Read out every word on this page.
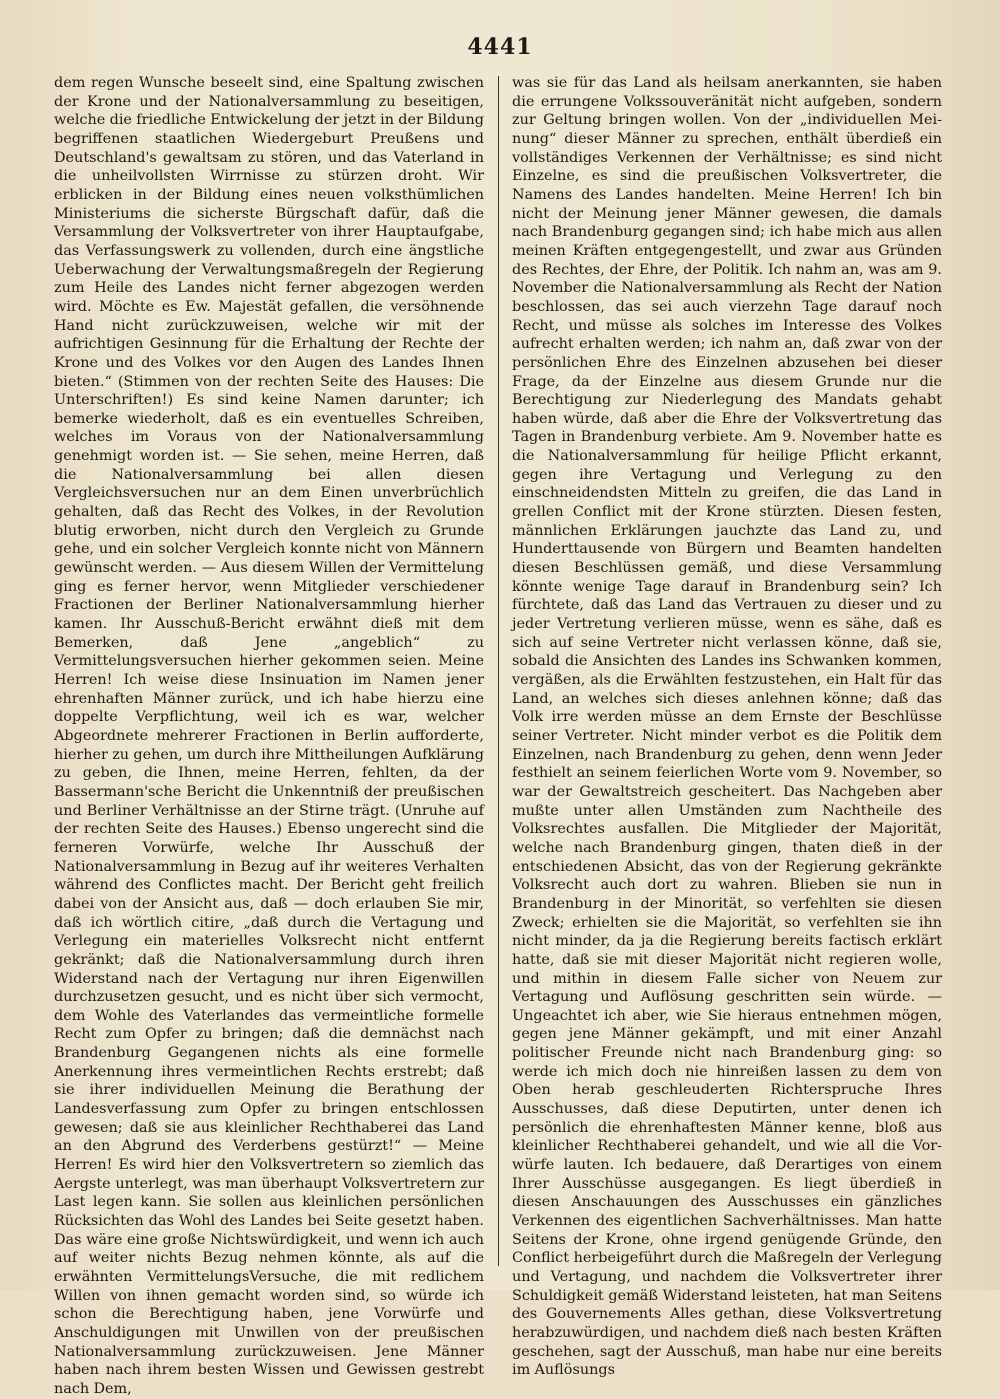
4441
dem regen Wunsche beseelt sind, eine Spaltung zwischen der Krone und der Nationalversammlung zu beseitigen, welche die friedliche Entwickelung der jetzt in der Bildung begriffenen staatlichen Wiedergeburt Preußens und Deutschland's gewaltsam zu stören, und das Vaterland in die unheilvollsten Wirrnisse zu stürzen droht. Wir erblicken in der Bildung eines neuen volksthümlichen Ministeriums die sicherste Bürgschaft dafür, daß die Versammlung der Volksvertreter von ihrer Hauptaufgabe, das Verfassungswerk zu vollenden, durch eine ängstliche Ueberwachung der Verwaltungsmaßregeln der Regierung zum Heile des Landes nicht ferner abgezogen werden wird. Möchte es Ew. Majestät gefallen, die versöhnende Hand nicht zurückzuweisen, welche wir mit der aufrichtigen Gesinnung für die Erhaltung der Rechte der Krone und des Volkes vor den Augen des Landes Ihnen bieten.“ (Stimmen von der rechten Seite des Hauses: Die Unterschriften!) Es sind keine Namen darunter; ich bemerke wiederholt, daß es ein eventuelles Schreiben, welches im Voraus von der Nationalversammlung genehmigt worden ist. — Sie sehen, meine Herren, daß die Nationalversammlung bei allen diesen Vergleichsversuchen nur an dem Einen unverbrüchlich gehalten, daß das Recht des Volkes, in der Revolution blutig erworben, nicht durch den Vergleich zu Grunde gehe, und ein solcher Vergleich konnte nicht von Männern gewünscht werden. — Aus diesem Willen der Vermittelung ging es ferner hervor, wenn Mitglieder verschiedener Fractionen der Berliner Nationalversammlung hierher kamen. Ihr Ausschuß-Bericht erwähnt dieß mit dem Bemerken, daß Jene „angeblich“ zu Vermittelungsversuchen hierher gekommen seien. Meine Herren! Ich weise diese Insinuation im Namen jener ehrenhaften Männer zurück, und ich habe hierzu eine doppelte Verpflichtung, weil ich es war, welcher Abgeordnete mehrerer Fractionen in Berlin aufforderte, hierher zu gehen, um durch ihre Mittheilungen Aufklärung zu geben, die Ihnen, meine Herren, fehlten, da der Bassermann'sche Bericht die Unkenntniß der preußischen und Berliner Verhältnisse an der Stirne trägt. (Unruhe auf der rechten Seite des Hauses.) Ebenso ungerecht sind die ferneren Vorwürfe, welche Ihr Ausschuß der Nationalversammlung in Bezug auf ihr weiteres Verhalten während des Conflictes macht. Der Bericht geht freilich dabei von der Ansicht aus, daß — doch erlauben Sie mir, daß ich wörtlich citire, „daß durch die Vertagung und Verlegung ein materielles Volksrecht nicht entfernt gekränkt; daß die Nationalversammlung durch ihren Widerstand nach der Vertagung nur ihren Eigenwillen durchzusetzen gesucht, und es nicht über sich vermocht, dem Wohle des Vaterlandes das vermeintliche formelle Recht zum Opfer zu bringen; daß die demnächst nach Brandenburg Gegangenen nichts als eine formelle Anerkennung ihres vermeintlichen Rechts erstrebt; daß sie ihrer individuellen Meinung die Berathung der Landesverfassung zum Opfer zu bringen entschlossen gewesen; daß sie aus kleinlicher Rechthaberei das Land an den Abgrund des Verderbens gestürzt!“ — Meine Herren! Es wird hier den Volksvertretern so ziemlich das Aergste unterlegt, was man überhaupt Volksvertretern zur Last legen kann. Sie sollen aus kleinlichen persönlichen Rücksichten das Wohl des Landes bei Seite gesetzt haben. Das wäre eine große Nichtswürdigkeit, und wenn ich auch auf weiter nichts Bezug nehmen könnte, als auf die erwähnten VermittelungsVersuche, die mit redlichem Willen von ihnen gemacht worden sind, so würde ich schon die Berechtigung haben, jene Vorwürfe und Anschuldigungen mit Unwillen von der preußischen Nationalversammlung zurückzuweisen. Jene Männer haben nach ihrem besten Wissen und Gewissen gestrebt nach Dem,
was sie für das Land als heilsam anerkannten, sie haben die errungene Volkssouveränität nicht aufgeben, sondern zur Geltung bringen wollen. Von der „individuellen Meinung“ dieser Männer zu sprechen, enthält überdieß ein vollständiges Verkennen der Verhältnisse; es sind nicht Einzelne, es sind die preußischen Volksvertreter, die Namens des Landes handelten. Meine Herren! Ich bin nicht der Meinung jener Männer gewesen, die damals nach Brandenburg gegangen sind; ich habe mich aus allen meinen Kräften entgegengestellt, und zwar aus Gründen des Rechtes, der Ehre, der Politik. Ich nahm an, was am 9. November die Nationalversammlung als Recht der Nation beschlossen, das sei auch vierzehn Tage darauf noch Recht, und müsse als solches im Interesse des Volkes aufrecht erhalten werden; ich nahm an, daß zwar von der persönlichen Ehre des Einzelnen abzusehen bei dieser Frage, da der Einzelne aus diesem Grunde nur die Berechtigung zur Niederlegung des Mandats gehabt haben würde, daß aber die Ehre der Volksvertretung das Tagen in Brandenburg verbiete. Am 9. November hatte es die Nationalversammlung für heilige Pflicht erkannt, gegen ihre Vertagung und Verlegung zu den einschneidendsten Mitteln zu greifen, die das Land in grellen Conflict mit der Krone stürzten. Diesen festen, männlichen Erklärungen jauchzte das Land zu, und Hunderttausende von Bürgern und Beamten handelten diesen Beschlüssen gemäß, und diese Versammlung könnte wenige Tage darauf in Brandenburg sein? Ich fürchtete, daß das Land das Vertrauen zu dieser und zu jeder Vertretung verlieren müsse, wenn es sähe, daß es sich auf seine Vertreter nicht verlassen könne, daß sie, sobald die Ansichten des Landes ins Schwanken kommen, vergäßen, als die Erwählten festzustehen, ein Halt für das Land, an welches sich dieses anlehnen könne; daß das Volk irre werden müsse an dem Ernste der Beschlüsse seiner Vertreter. Nicht minder verbot es die Politik dem Einzelnen, nach Brandenburg zu gehen, denn wenn Jeder festhielt an seinem feierlichen Worte vom 9. November, so war der Gewaltstreich gescheitert. Das Nachgeben aber mußte unter allen Umständen zum Nachtheile des Volksrechtes ausfallen. Die Mitglieder der Majorität, welche nach Brandenburg gingen, thaten dieß in der entschiedenen Absicht, das von der Regierung gekränkte Volksrecht auch dort zu wahren. Blieben sie nun in Brandenburg in der Minorität, so verfehlten sie diesen Zweck; erhielten sie die Majorität, so verfehlten sie ihn nicht minder, da ja die Regierung bereits factisch erklärt hatte, daß sie mit dieser Majorität nicht regieren wolle, und mithin in diesem Falle sicher von Neuem zur Vertagung und Auflösung geschritten sein würde. — Ungeachtet ich aber, wie Sie hieraus entnehmen mögen, gegen jene Männer gekämpft, und mit einer Anzahl politischer Freunde nicht nach Brandenburg ging: so werde ich mich doch nie hinreißen lassen zu dem von Oben herab geschleuderten Richterspruche Ihres Ausschusses, daß diese Deputirten, unter denen ich persönlich die ehrenhaftesten Männer kenne, bloß aus kleinlicher Rechthaberei gehandelt, und wie all die Vorwürfe lauten. Ich bedauere, daß Derartiges von einem Ihrer Ausschüsse ausgegangen. Es liegt überdieß in diesen Anschauungen des Ausschusses ein gänzliches Verkennen des eigentlichen Sachverhältnisses. Man hatte Seitens der Krone, ohne irgend genügende Gründe, den Conflict herbeigeführt durch die Maßregeln der Verlegung und Vertagung, und nachdem die Volksvertreter ihrer Schuldigkeit gemäß Widerstand leisteten, hat man Seitens des Gouvernements Alles gethan, diese Volksvertretung herabzuwürdigen, und nachdem dieß nach besten Kräften geschehen, sagt der Ausschuß, man habe nur eine bereits im Auflösungs
